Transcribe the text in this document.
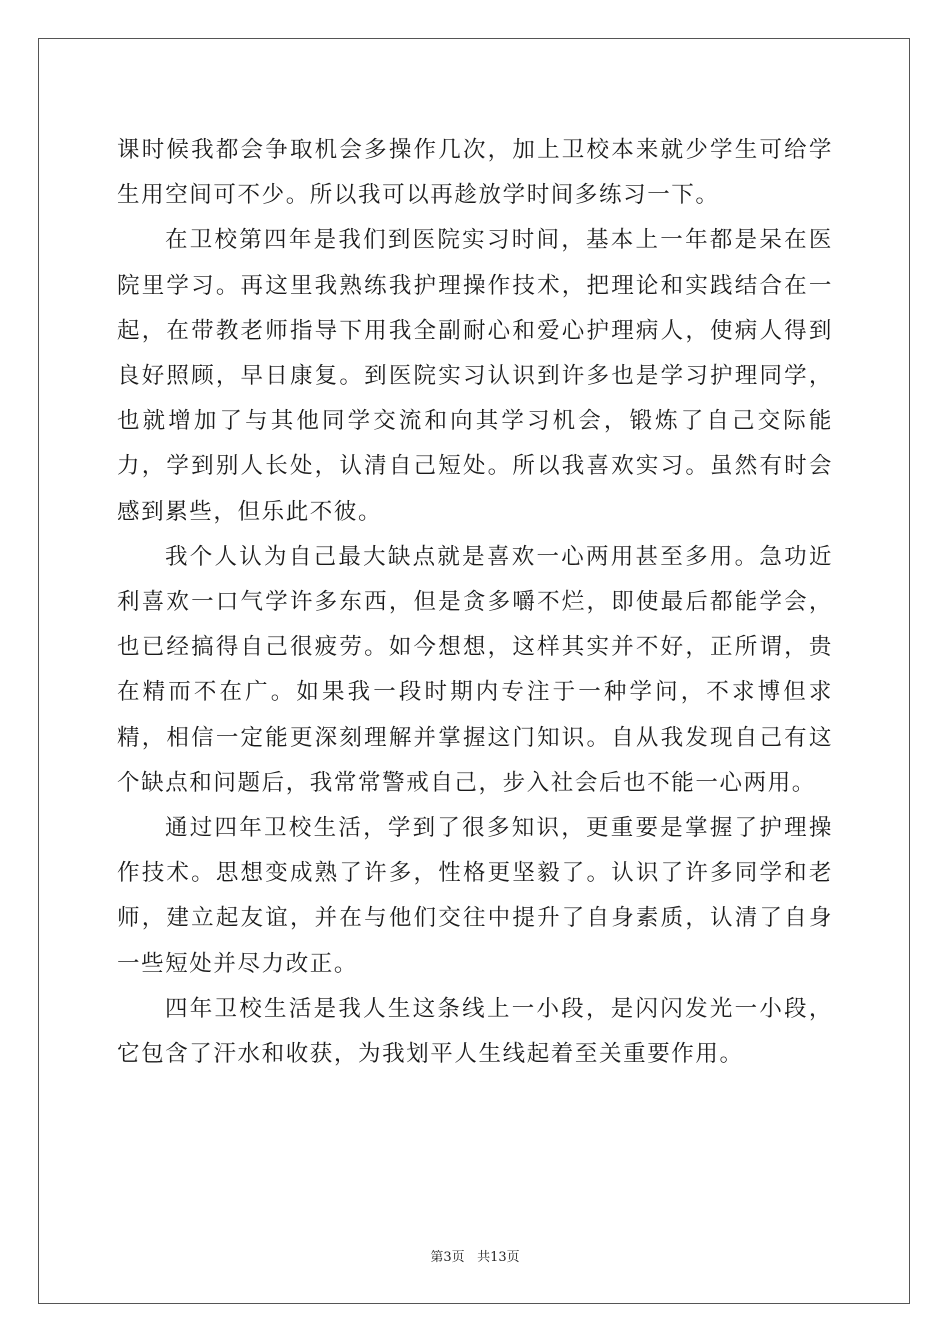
课时候我都会争取机会多操作几次，加上卫校本来就少学生可给学生用空间可不少。所以我可以再趁放学时间多练习一下。

在卫校第四年是我们到医院实习时间，基本上一年都是呆在医院里学习。再这里我熟练我护理操作技术，把理论和实践结合在一起，在带教老师指导下用我全副耐心和爱心护理病人，使病人得到良好照顾，早日康复。到医院实习认识到许多也是学习护理同学，也就增加了与其他同学交流和向其学习机会，锻炼了自己交际能力，学到别人长处，认清自己短处。所以我喜欢实习。虽然有时会感到累些，但乐此不彼。

我个人认为自己最大缺点就是喜欢一心两用甚至多用。急功近利喜欢一口气学许多东西，但是贪多嚼不烂，即使最后都能学会，也已经搞得自己很疲劳。如今想想，这样其实并不好，正所谓，贵在精而不在广。如果我一段时期内专注于一种学问，不求博但求精，相信一定能更深刻理解并掌握这门知识。自从我发现自己有这个缺点和问题后，我常常警戒自己，步入社会后也不能一心两用。

通过四年卫校生活，学到了很多知识，更重要是掌握了护理操作技术。思想变成熟了许多，性格更坚毅了。认识了许多同学和老师，建立起友谊，并在与他们交往中提升了自身素质，认清了自身一些短处并尽力改正。

四年卫校生活是我人生这条线上一小段，是闪闪发光一小段，它包含了汗水和收获，为我划平人生线起着至关重要作用。

第3页 共13页
